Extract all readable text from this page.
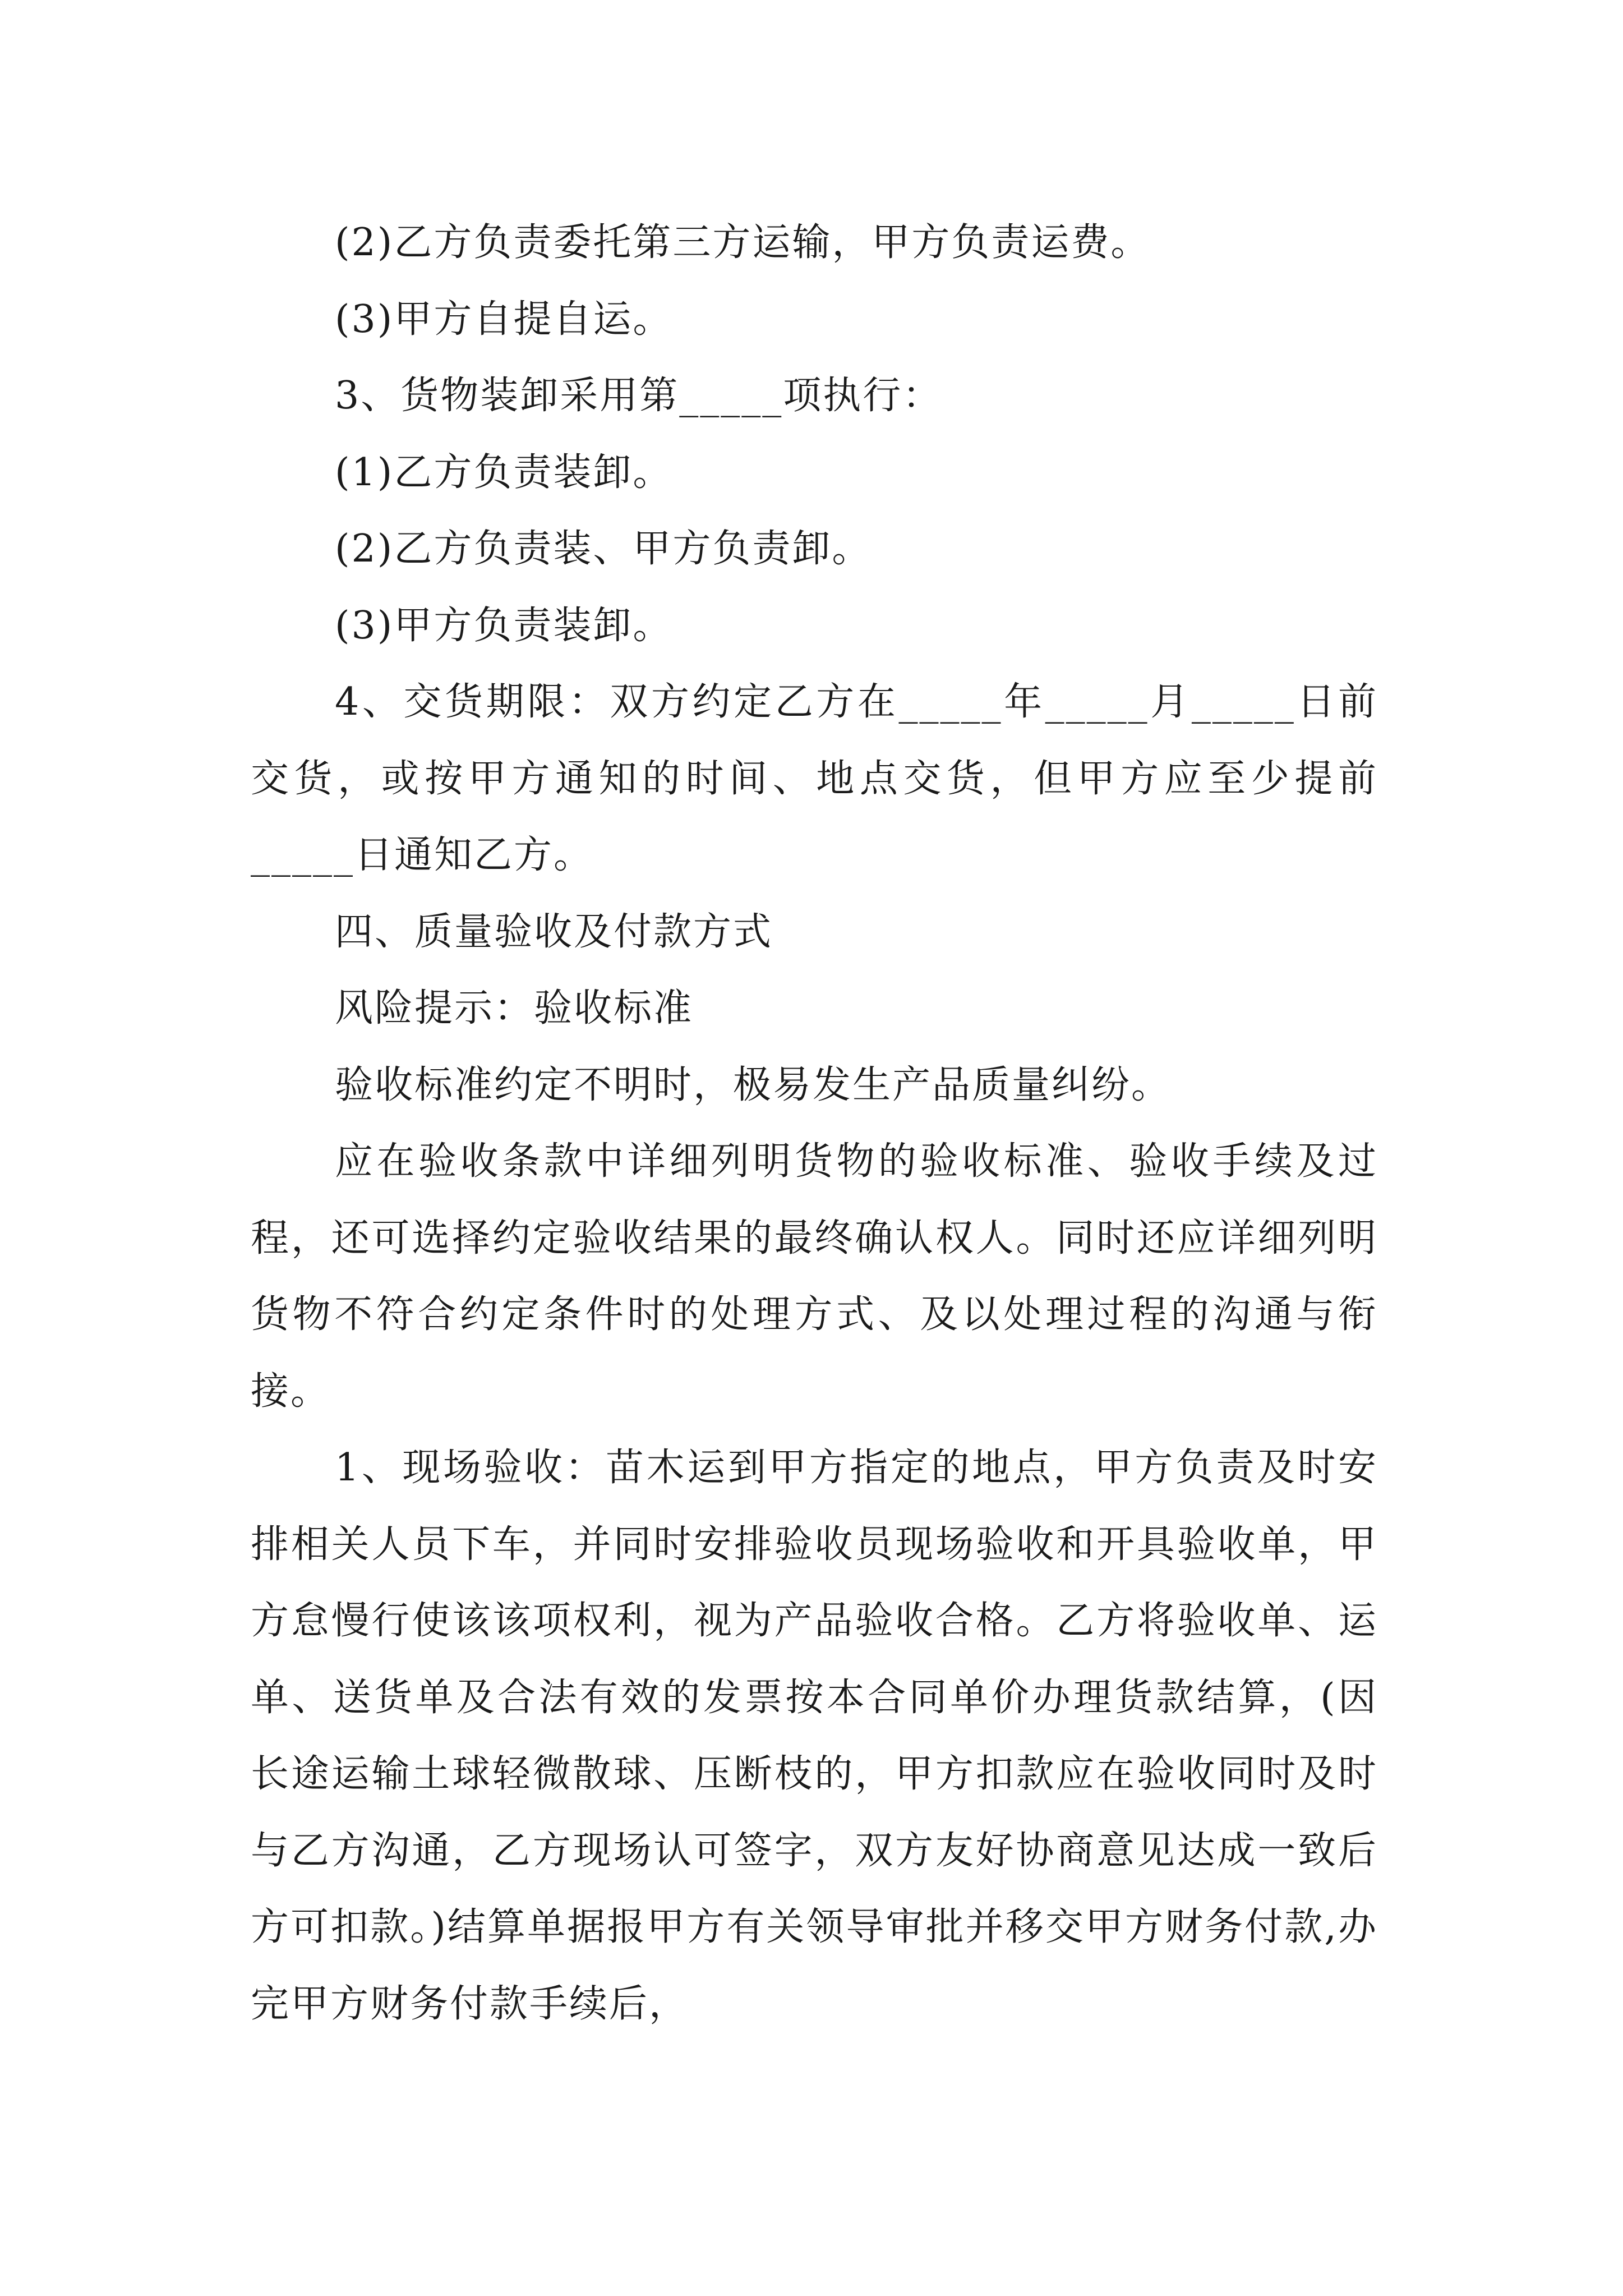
(2)乙方负责委托第三方运输，甲方负责运费。

(3)甲方自提自运。

3、货物装卸采用第_____项执行：

(1)乙方负责装卸。

(2)乙方负责装、甲方负责卸。

(3)甲方负责装卸。

4、交货期限：双方约定乙方在_____年_____月_____日前交货，或按甲方通知的时间、地点交货，但甲方应至少提前_____日通知乙方。

四、质量验收及付款方式

风险提示：验收标准

验收标准约定不明时，极易发生产品质量纠纷。

应在验收条款中详细列明货物的验收标准、验收手续及过程，还可选择约定验收结果的最终确认权人。同时还应详细列明货物不符合约定条件时的处理方式、及以处理过程的沟通与衔接。

1、现场验收：苗木运到甲方指定的地点，甲方负责及时安排相关人员下车，并同时安排验收员现场验收和开具验收单，甲方怠慢行使该该项权利，视为产品验收合格。乙方将验收单、运单、送货单及合法有效的发票按本合同单价办理货款结算，(因长途运输土球轻微散球、压断枝的，甲方扣款应在验收同时及时与乙方沟通，乙方现场认可签字，双方友好协商意见达成一致后方可扣款。)结算单据报甲方有关领导审批并移交甲方财务付款,办完甲方财务付款手续后，
